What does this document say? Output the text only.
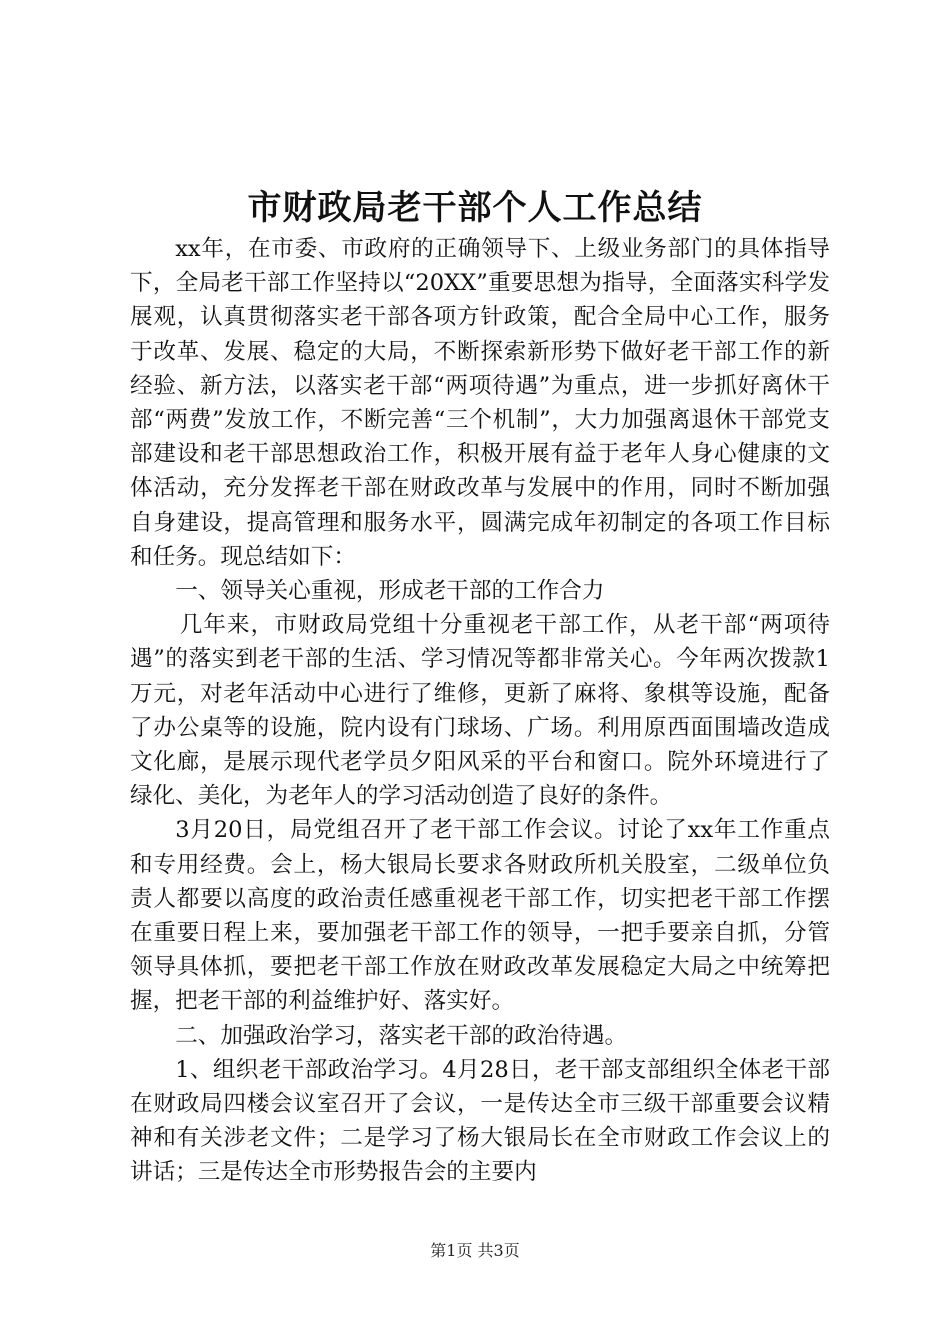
市财政局老干部个人工作总结

xx年，在市委、市政府的正确领导下、上级业务部门的具体指导下，全局老干部工作坚持以“20XX”重要思想为指导，全面落实科学发展观，认真贯彻落实老干部各项方针政策，配合全局中心工作，服务于改革、发展、稳定的大局，不断探索新形势下做好老干部工作的新经验、新方法，以落实老干部“两项待遇”为重点，进一步抓好离休干部“两费”发放工作，不断完善“三个机制”，大力加强离退休干部党支部建设和老干部思想政治工作，积极开展有益于老年人身心健康的文体活动，充分发挥老干部在财政改革与发展中的作用，同时不断加强自身建设，提高管理和服务水平，圆满完成年初制定的各项工作目标和任务。现总结如下：

一、领导关心重视，形成老干部的工作合力

几年来，市财政局党组十分重视老干部工作，从老干部“两项待遇”的落实到老干部的生活、学习情况等都非常关心。今年两次拨款1万元，对老年活动中心进行了维修，更新了麻将、象棋等设施，配备了办公桌等的设施，院内设有门球场、广场。利用原西面围墙改造成文化廊，是展示现代老学员夕阳风采的平台和窗口。院外环境进行了绿化、美化，为老年人的学习活动创造了良好的条件。

3月20日，局党组召开了老干部工作会议。讨论了xx年工作重点和专用经费。会上，杨大银局长要求各财政所机关股室，二级单位负责人都要以高度的政治责任感重视老干部工作，切实把老干部工作摆在重要日程上来，要加强老干部工作的领导，一把手要亲自抓，分管领导具体抓，要把老干部工作放在财政改革发展稳定大局之中统筹把握，把老干部的利益维护好、落实好。

二、加强政治学习，落实老干部的政治待遇。

1、组织老干部政治学习。4月28日，老干部支部组织全体老干部在财政局四楼会议室召开了会议，一是传达全市三级干部重要会议精神和有关涉老文件；二是学习了杨大银局长在全市财政工作会议上的讲话；三是传达全市形势报告会的主要内

第1页 共3页
